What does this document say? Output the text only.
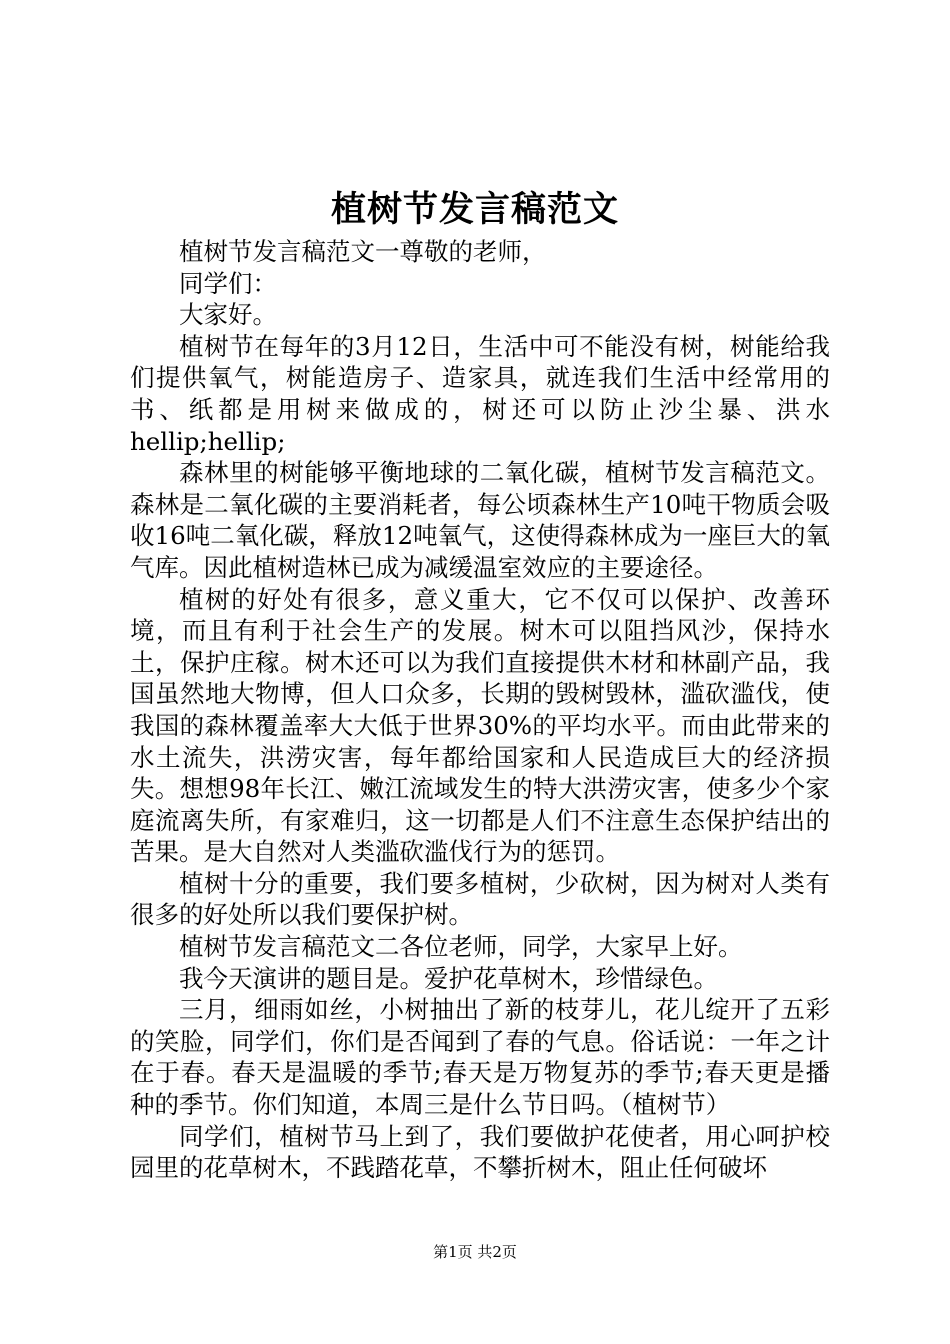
植树节发言稿范文

植树节发言稿范文一尊敬的老师，

同学们：

大家好。

植树节在每年的3月12日，生活中可不能没有树，树能给我们提供氧气，树能造房子、造家具，就连我们生活中经常用的书、纸都是用树来做成的，树还可以防止沙尘暴、洪水hellip;hellip;

森林里的树能够平衡地球的二氧化碳，植树节发言稿范文。森林是二氧化碳的主要消耗者，每公顷森林生产10吨干物质会吸收16吨二氧化碳，释放12吨氧气，这使得森林成为一座巨大的氧气库。因此植树造林已成为减缓温室效应的主要途径。

植树的好处有很多，意义重大，它不仅可以保护、改善环境，而且有利于社会生产的发展。树木可以阻挡风沙，保持水土，保护庄稼。树木还可以为我们直接提供木材和林副产品，我国虽然地大物博，但人口众多，长期的毁树毁林，滥砍滥伐，使我国的森林覆盖率大大低于世界30%的平均水平。而由此带来的水土流失，洪涝灾害，每年都给国家和人民造成巨大的经济损失。想想98年长江、嫩江流域发生的特大洪涝灾害，使多少个家庭流离失所，有家难归，这一切都是人们不注意生态保护结出的苦果。是大自然对人类滥砍滥伐行为的惩罚。

植树十分的重要，我们要多植树，少砍树，因为树对人类有很多的好处所以我们要保护树。

植树节发言稿范文二各位老师，同学，大家早上好。

我今天演讲的题目是。爱护花草树木，珍惜绿色。

三月，细雨如丝，小树抽出了新的枝芽儿，花儿绽开了五彩的笑脸，同学们，你们是否闻到了春的气息。俗话说：一年之计在于春。春天是温暖的季节;春天是万物复苏的季节;春天更是播种的季节。你们知道，本周三是什么节日吗。（植树节）

同学们，植树节马上到了，我们要做护花使者，用心呵护校园里的花草树木，不践踏花草，不攀折树木，阻止任何破坏

第1页 共2页
